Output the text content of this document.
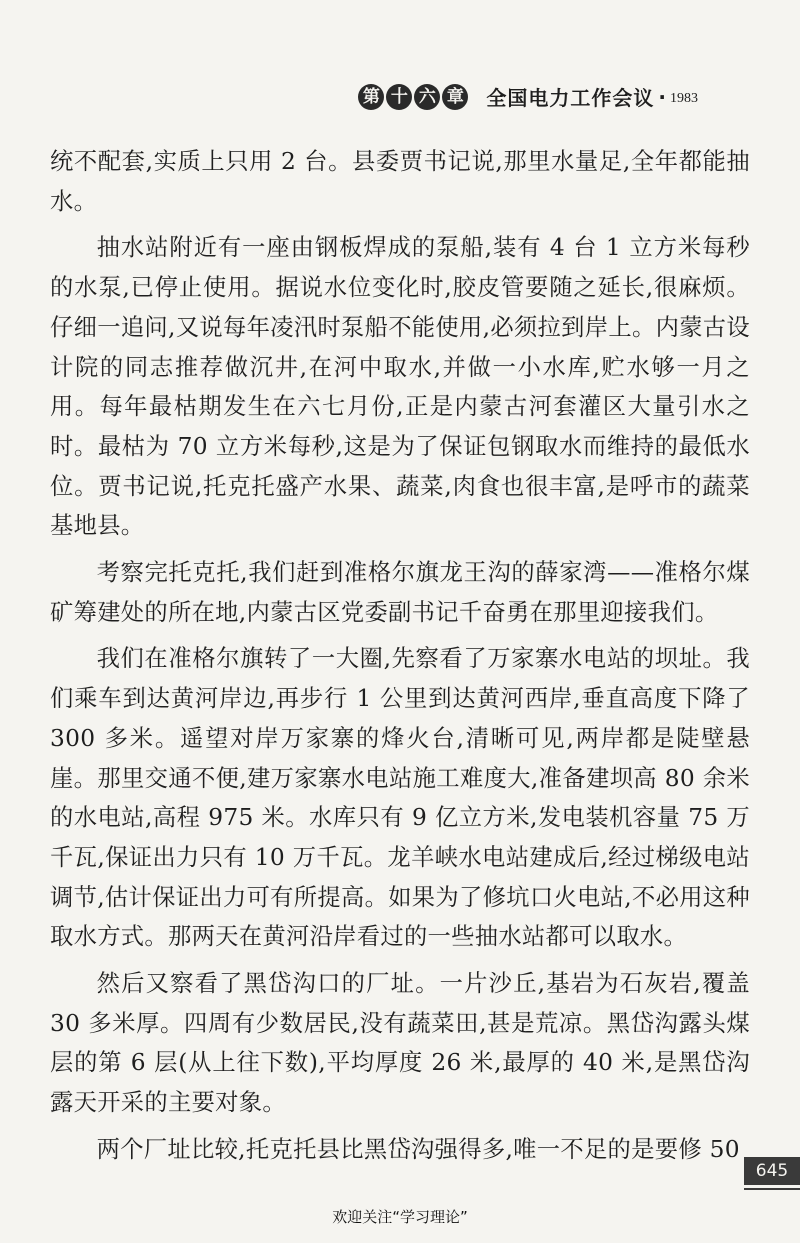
第 十 六 章 全国电力工作会议 · 1983

统不配套,实质上只用 2 台。县委贾书记说,那里水量足,全年都能抽水。

抽水站附近有一座由钢板焊成的泵船,装有 4 台 1 立方米每秒的水泵,已停止使用。据说水位变化时,胶皮管要随之延长,很麻烦。仔细一追问,又说每年凌汛时泵船不能使用,必须拉到岸上。内蒙古设计院的同志推荐做沉井,在河中取水,并做一小水库,贮水够一月之用。每年最枯期发生在六七月份,正是内蒙古河套灌区大量引水之时。最枯为 70 立方米每秒,这是为了保证包钢取水而维持的最低水位。贾书记说,托克托盛产水果、蔬菜,肉食也很丰富,是呼市的蔬菜基地县。

考察完托克托,我们赶到准格尔旗龙王沟的薛家湾——准格尔煤矿筹建处的所在地,内蒙古区党委副书记千奋勇在那里迎接我们。

我们在准格尔旗转了一大圈,先察看了万家寨水电站的坝址。我们乘车到达黄河岸边,再步行 1 公里到达黄河西岸,垂直高度下降了 300 多米。遥望对岸万家寨的烽火台,清晰可见,两岸都是陡壁悬崖。那里交通不便,建万家寨水电站施工难度大,准备建坝高 80 余米的水电站,高程 975 米。水库只有 9 亿立方米,发电装机容量 75 万千瓦,保证出力只有 10 万千瓦。龙羊峡水电站建成后,经过梯级电站调节,估计保证出力可有所提高。如果为了修坑口火电站,不必用这种取水方式。那两天在黄河沿岸看过的一些抽水站都可以取水。

然后又察看了黑岱沟口的厂址。一片沙丘,基岩为石灰岩,覆盖 30 多米厚。四周有少数居民,没有蔬菜田,甚是荒凉。黑岱沟露头煤层的第 6 层(从上往下数),平均厚度 26 米,最厚的 40 米,是黑岱沟露天开采的主要对象。

两个厂址比较,托克托县比黑岱沟强得多,唯一不足的是要修 50

645
欢迎关注“学习理论”
